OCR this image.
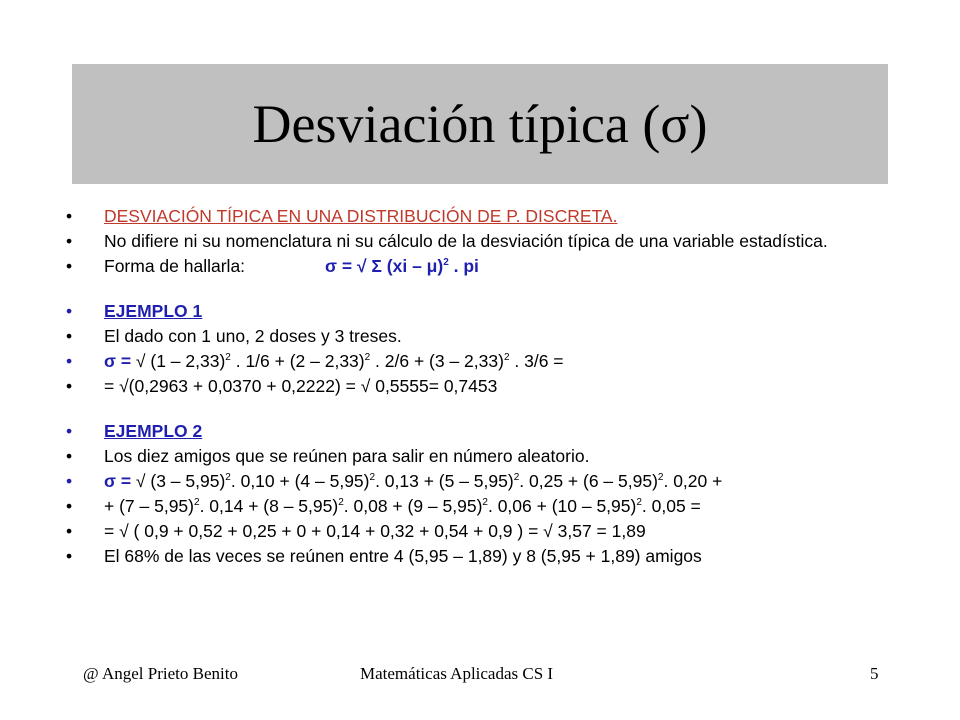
Desviación típica (σ)
• DESVIACIÓN TÍPICA EN UNA DISTRIBUCIÓN DE P. DISCRETA.
• No difiere ni su nomenclatura ni su cálculo de la desviación típica de una variable estadística.
• Forma de hallarla:	σ = √ Σ (xi – μ)$^2$ . pi
• EJEMPLO 1
• El dado con 1 uno, 2 doses y 3 treses.
• σ = √ (1 – 2,33)$^2$ . 1/6 + (2 – 2,33)$^2$ . 2/6 + (3 – 2,33)$^2$ . 3/6 =
• = √(0,2963 + 0,0370 + 0,2222) = √ 0,5555= 0,7453
• EJEMPLO 2
• Los diez amigos que se reúnen para salir en número aleatorio.
• σ = √ (3 – 5,95)$^2$. 0,10 + (4 – 5,95)$^2$. 0,13 + (5 – 5,95)$^2$. 0,25 + (6 – 5,95)$^2$. 0,20 +
• + (7 – 5,95)$^2$. 0,14 + (8 – 5,95)$^2$. 0,08 + (9 – 5,95)$^2$. 0,06 + (10 – 5,95)$^2$. 0,05 =
• = √ ( 0,9 + 0,52 + 0,25 + 0 + 0,14 + 0,32 + 0,54 + 0,9 ) = √ 3,57 = 1,89
• El 68% de las veces se reúnen entre 4 (5,95 – 1,89) y 8 (5,95 + 1,89) amigos
@ Angel Prieto Benito	Matemáticas Aplicadas CS I	5
